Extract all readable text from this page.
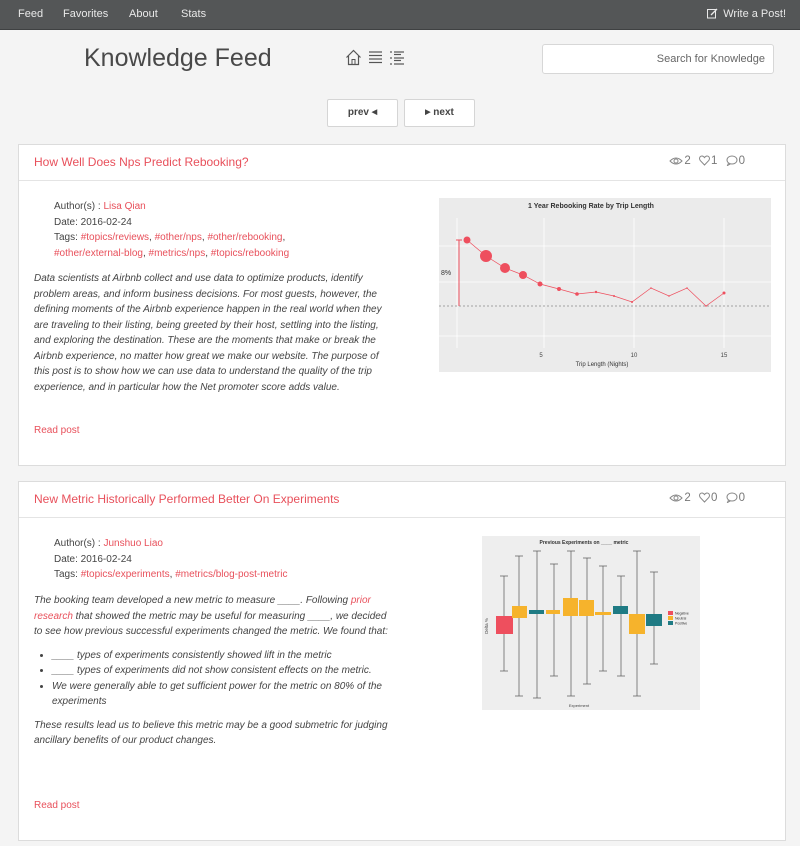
Feed Favorites About Stats	Write a Post!
Knowledge Feed
Search for Knowledge
prev ◀	▶ next
How Well Does Nps Predict Rebooking?	2 1 0
Author(s) : Lisa Qian
Date: 2016-02-24
Tags: #topics/reviews, #other/nps, #other/rebooking,
#other/external-blog, #metrics/nps, #topics/rebooking
Data scientists at Airbnb collect and use data to optimize products, identify problem areas, and inform business decisions. For most guests, however, the defining moments of the Airbnb experience happen in the real world when they are traveling to their listing, being greeted by their host, settling into the listing, and exploring the destination. These are the moments that make or break the Airbnb experience, no matter how great we make our website. The purpose of this post is to show how we can use data to understand the quality of the trip experience, and in particular how the Net promoter score adds value.
Read post
1 Year Rebooking Rate by Trip Length
8%
5	10	15
Trip Length (Nights)
New Metric Historically Performed Better On Experiments	2 0 0
Author(s) : Junshuo Liao
Date: 2016-02-24
Tags: #topics/experiments, #metrics/blog-post-metric
The booking team developed a new metric to measure ____. Following prior research that showed the metric may be useful for measuring ____, we decided to see how previous successful experiments changed the metric. We found that:
• ____ types of experiments consistently showed lift in the metric
• ____ types of experiments did not show consistent effects on the metric.
• We were generally able to get sufficient power for the metric on 80% of the experiments
These results lead us to believe this metric may be a good submetric for judging ancillary benefits of our product changes.
Read post
Previous Experiments on ____ metric
Delta %
Negative
Neutral
Positive
Experiment
